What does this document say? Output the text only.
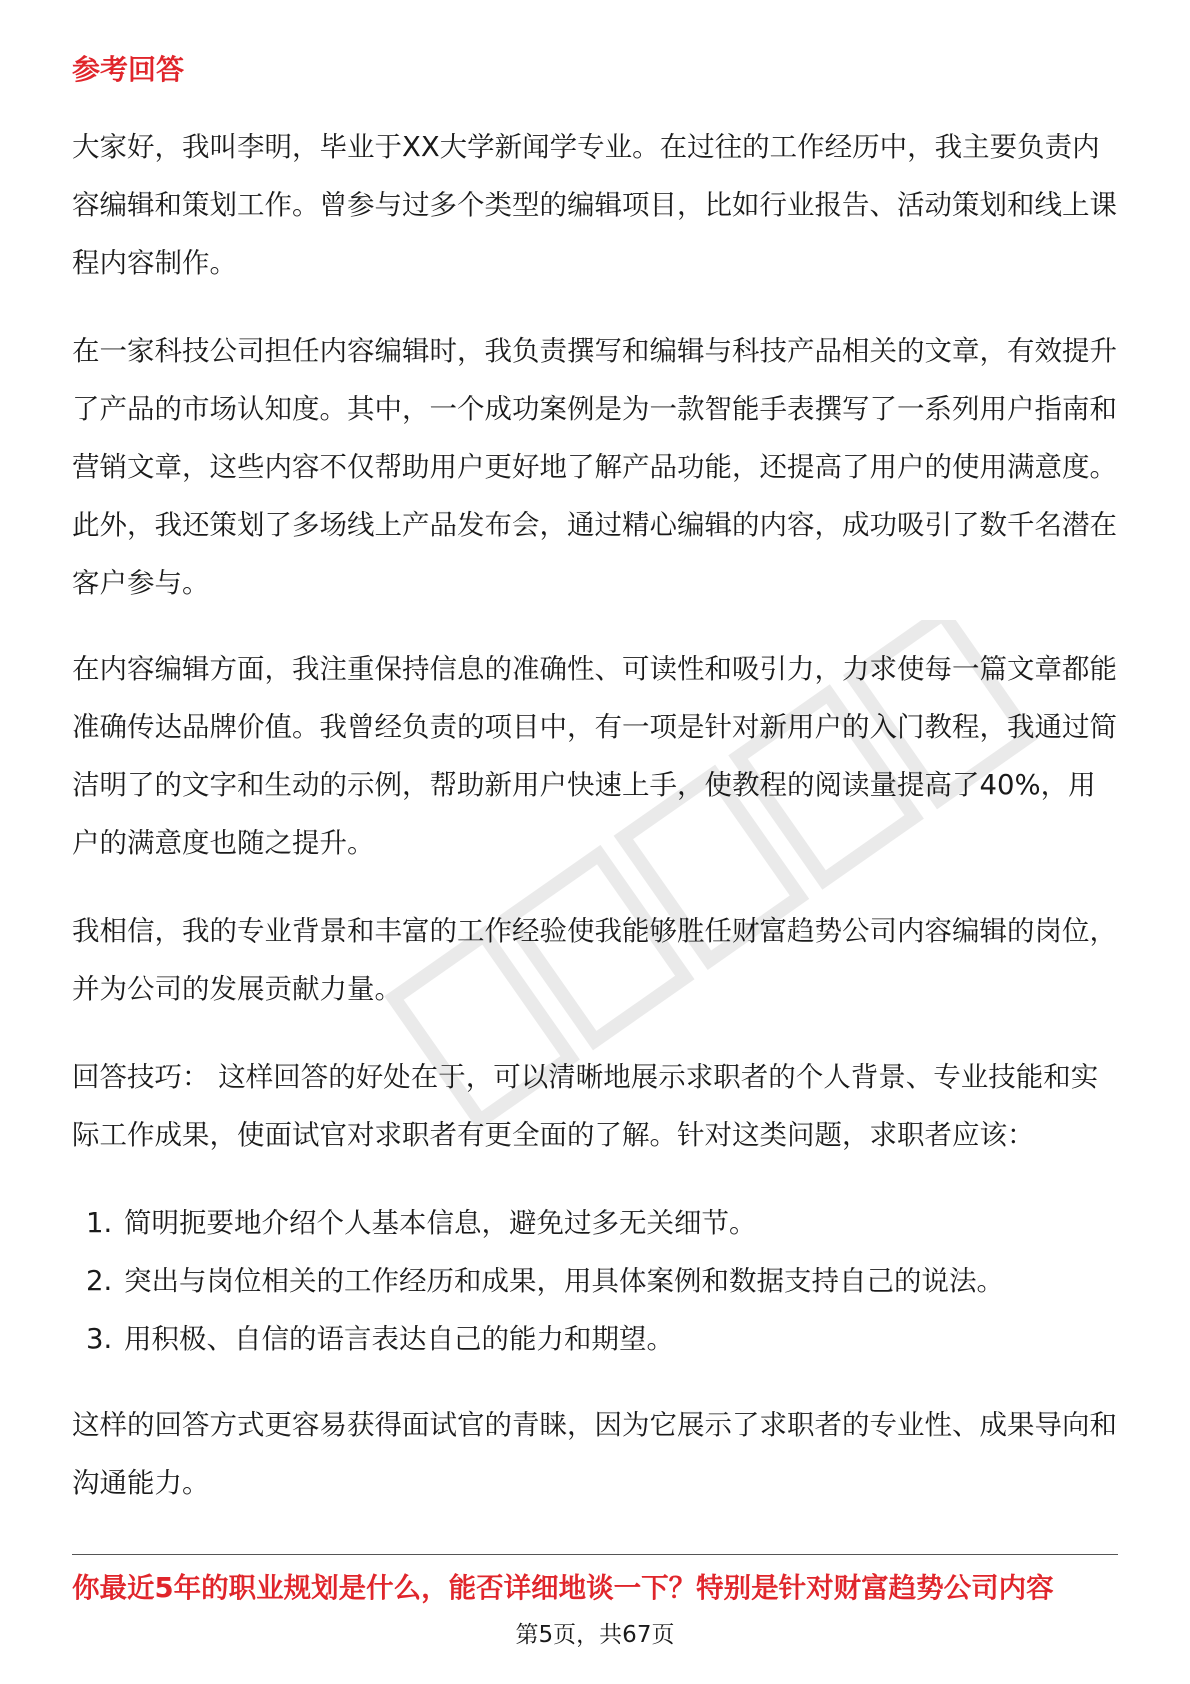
参考回答

大家好，我叫李明，毕业于XX大学新闻学专业。在过往的工作经历中，我主要负责内容编辑和策划工作。曾参与过多个类型的编辑项目，比如行业报告、活动策划和线上课程内容制作。

在一家科技公司担任内容编辑时，我负责撰写和编辑与科技产品相关的文章，有效提升了产品的市场认知度。其中，一个成功案例是为一款智能手表撰写了一系列用户指南和营销文章，这些内容不仅帮助用户更好地了解产品功能，还提高了用户的使用满意度。此外，我还策划了多场线上产品发布会，通过精心编辑的内容，成功吸引了数千名潜在客户参与。

在内容编辑方面，我注重保持信息的准确性、可读性和吸引力，力求使每一篇文章都能准确传达品牌价值。我曾经负责的项目中，有一项是针对新用户的入门教程，我通过简洁明了的文字和生动的示例，帮助新用户快速上手，使教程的阅读量提高了40%，用户的满意度也随之提升。

我相信，我的专业背景和丰富的工作经验使我能够胜任财富趋势公司内容编辑的岗位，并为公司的发展贡献力量。

回答技巧： 这样回答的好处在于，可以清晰地展示求职者的个人背景、专业技能和实际工作成果，使面试官对求职者有更全面的了解。针对这类问题，求职者应该：

1. 简明扼要地介绍个人基本信息，避免过多无关细节。
2. 突出与岗位相关的工作经历和成果，用具体案例和数据支持自己的说法。
3. 用积极、自信的语言表达自己的能力和期望。

这样的回答方式更容易获得面试官的青睐，因为它展示了求职者的专业性、成果导向和沟通能力。

你最近5年的职业规划是什么，能否详细地谈一下？特别是针对财富趋势公司内容

第5页，共67页
